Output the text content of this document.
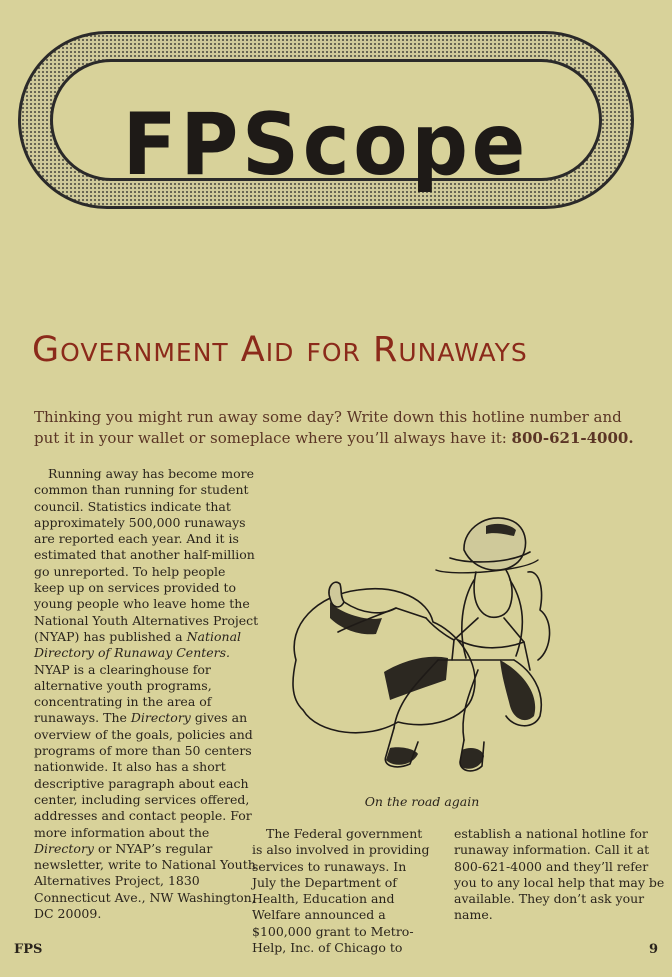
FPScope
Government Aid for Runaways
Thinking you might run away some day? Write down this hotline number and put it in your wallet or someplace where you’ll always have it: 800-621-4000.

Running away has become more common than running for student council. Statistics indicate that approximately 500,000 runaways are reported each year. And it is estimated that another half-million go unreported. To help people keep up on services provided to young people who leave home the National Youth Alternatives Project (NYAP) has published a National Directory of Runaway Centers. NYAP is a clearinghouse for alternative youth programs, concentrating in the area of runaways. The Directory gives an overview of the goals, policies and programs of more than 50 centers nationwide. It also has a short descriptive paragraph about each center, including services offered, addresses and contact people. For more information about the Directory or NYAP’s regular newsletter, write to National Youth Alternatives Project, 1830 Connecticut Ave., NW Washington, DC 20009.

On the road again

The Federal government is also involved in providing services to runaways. In July the Department of Health, Education and Welfare announced a $100,000 grant to Metro-Help, Inc. of Chicago to

establish a national hotline for runaway information. Call it at 800-621-4000 and they’ll refer you to any local help that may be available. They don’t ask your name.

FPS	9
